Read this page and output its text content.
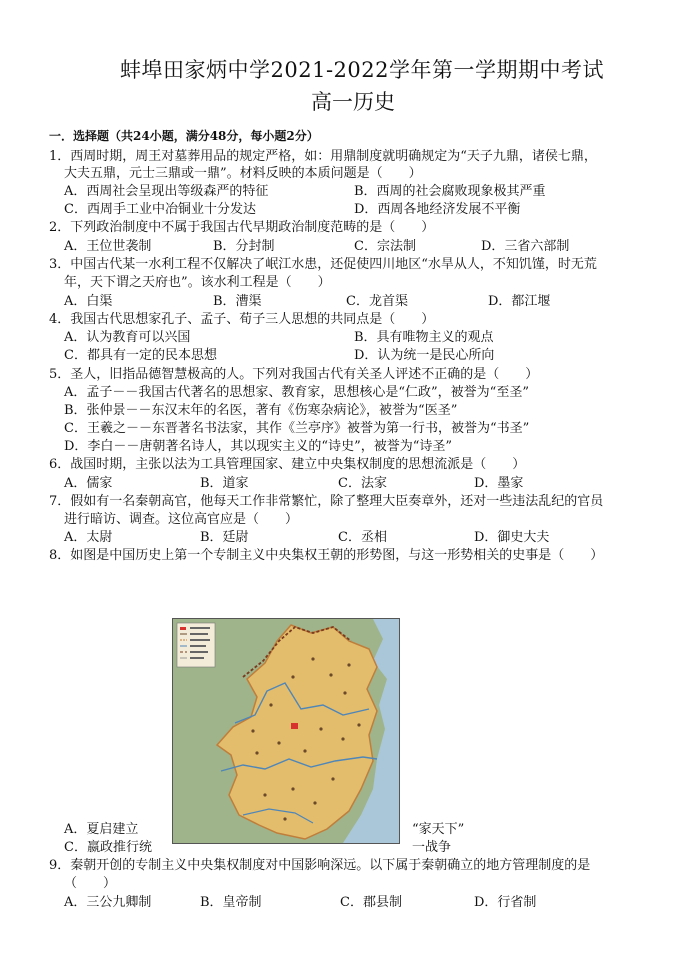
蚌埠田家炳中学2021-2022学年第一学期期中考试
高一历史
一．选择题（共24小题，满分48分，每小题2分）
1．西周时期，周王对墓葬用品的规定严格，如：用鼎制度就明确规定为“天子九鼎，诸侯七鼎，
大夫五鼎，元士三鼎或一鼎”。材料反映的本质问题是（　　）
A．西周社会呈现出等级森严的特征	B．西周的社会腐败现象极其严重
C．西周手工业中冶铜业十分发达	D．西周各地经济发展不平衡
2．下列政治制度中不属于我国古代早期政治制度范畴的是（　　）
A．王位世袭制	B．分封制	C．宗法制	D．三省六部制
3．中国古代某一水利工程不仅解决了岷江水患，还促使四川地区“水旱从人，不知饥馑，时无荒
年，天下谓之天府也”。该水利工程是（　　）
A．白渠	B．漕渠	C．龙首渠	D．都江堰
4．我国古代思想家孔子、孟子、荀子三人思想的共同点是（　　）
A．认为教育可以兴国	B．具有唯物主义的观点
C．都具有一定的民本思想	D．认为统一是民心所向
5．圣人，旧指品德智慧极高的人。下列对我国古代有关圣人评述不正确的是（　　）
A．孟子－－我国古代著名的思想家、教育家，思想核心是“仁政”，被誉为“至圣”
B．张仲景－－东汉末年的名医，著有《伤寒杂病论》，被誉为“医圣”
C．王羲之－－东晋著名书法家，其作《兰亭序》被誉为第一行书，被誉为“书圣”
D．李白－－唐朝著名诗人，其以现实主义的“诗史”，被誉为“诗圣”
6．战国时期，主张以法为工具管理国家、建立中央集权制度的思想流派是（　　）
A．儒家	B．道家	C．法家	D．墨家
7．假如有一名秦朝高官，他每天工作非常繁忙，除了整理大臣奏章外，还对一些违法乱纪的官员
进行暗访、调查。这位高官应是（　　）
A．太尉	B．廷尉	C．丞相	D．御史大夫
8．如图是中国历史上第一个专制主义中央集权王朝的形势图，与这一形势相关的史事是（　　）
A．夏启建立	“家天下”
C．嬴政推行统	一战争
9．秦朝开创的专制主义中央集权制度对中国影响深远。以下属于秦朝确立的地方管理制度的是
（　　）
A．三公九卿制	B．皇帝制	C．郡县制	D．行省制
